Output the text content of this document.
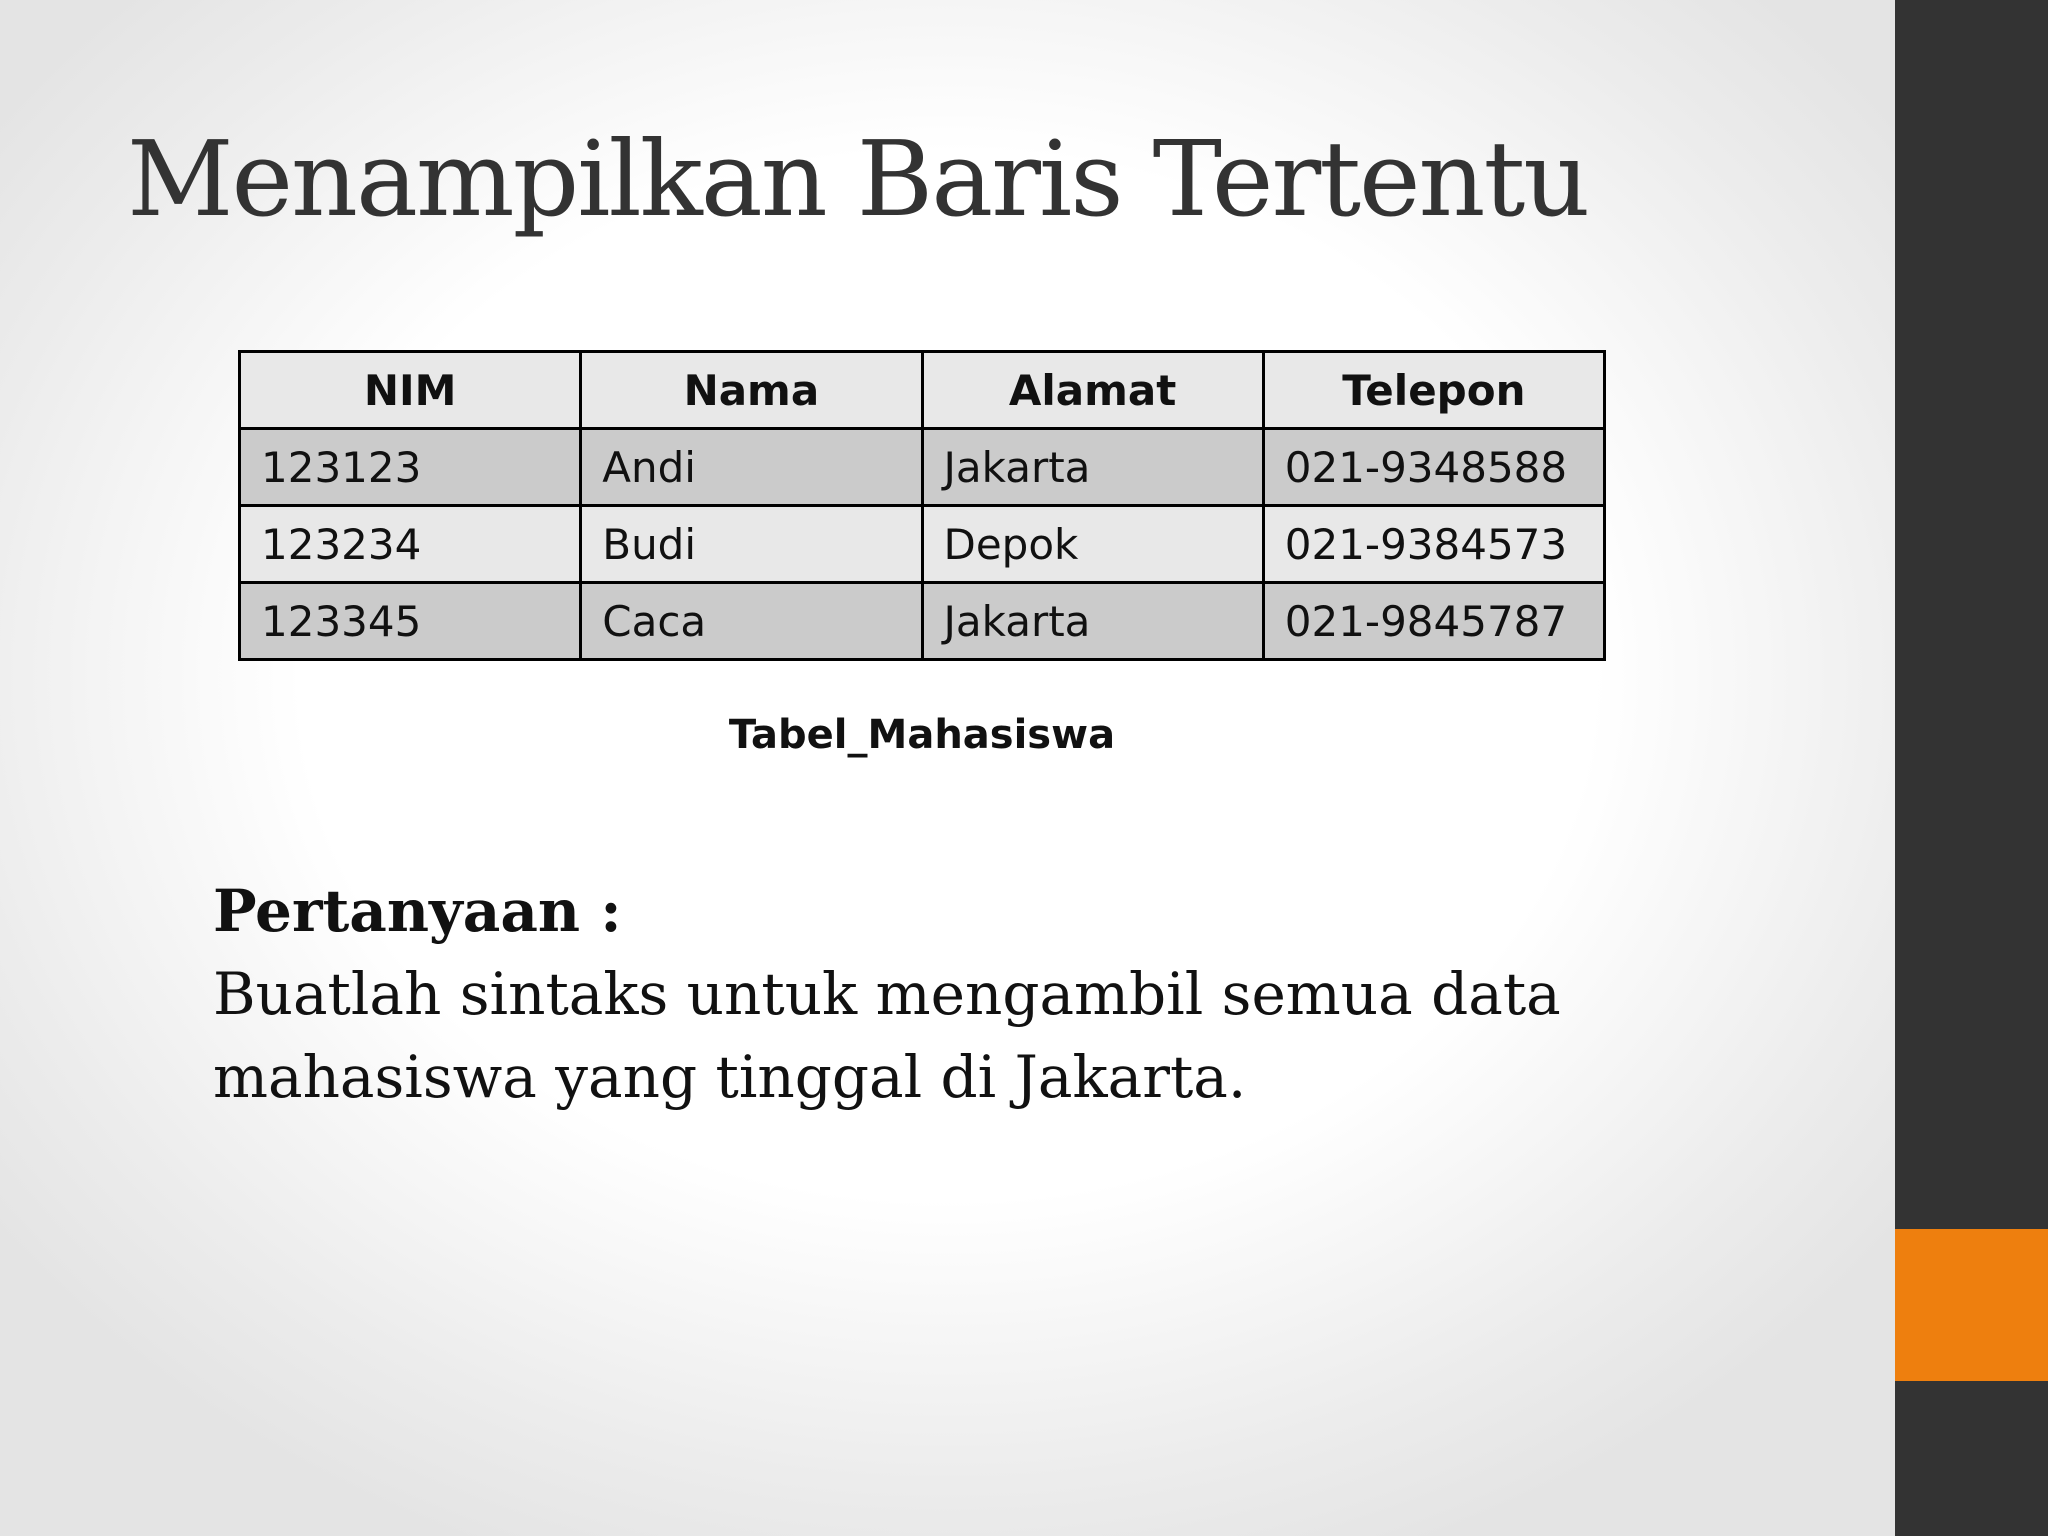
Menampilkan Baris Tertentu
NIM	Nama	Alamat	Telepon
123123	Andi	Jakarta	021-9348588
123234	Budi	Depok	021-9384573
123345	Caca	Jakarta	021-9845787
Tabel_Mahasiswa
Pertanyaan :
Buatlah sintaks untuk mengambil semua data
mahasiswa yang tinggal di Jakarta.
